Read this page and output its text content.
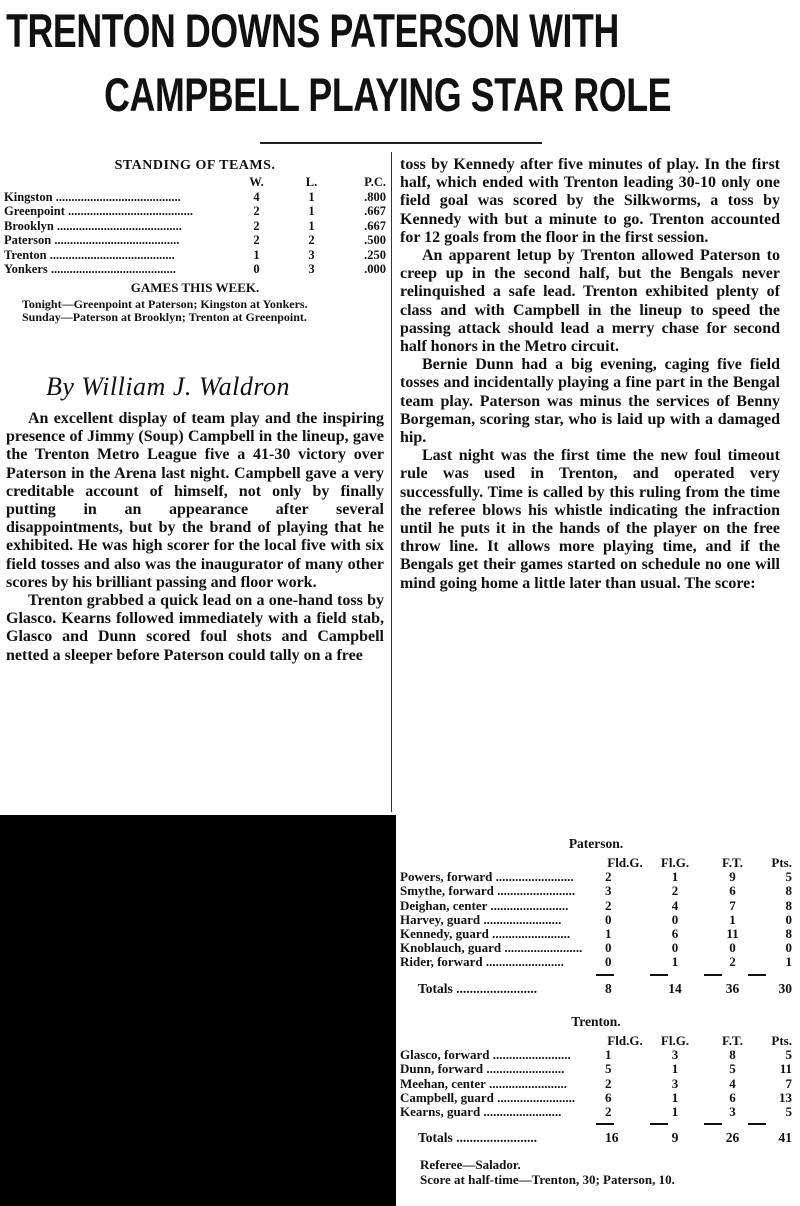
TRENTON DOWNS PATERSON WITH
CAMPBELL PLAYING STAR ROLE
STANDING OF TEAMS.
W.	L.	P.C.
Kingston .....	4	1	.800
Greenpoint .....	2	1	.667
Brooklyn .....	2	1	.667
Paterson .....	2	2	.500
Trenton .....	1	3	.250
Yonkers .....	0	3	.000
GAMES THIS WEEK.

Tonight—Greenpoint at Paterson; Kingston at Yonkers.

Sunday—Paterson at Brooklyn; Trenton at Greenpoint.

By William J. Waldron

An excellent display of team play and the inspiring presence of Jimmy (Soup) Campbell in the lineup, gave the Trenton Metro League five a 41-30 victory over Paterson in the Arena last night. Campbell gave a very creditable account of himself, not only by finally putting in an appearance after several disappointments, but by the brand of playing that he exhibited. He was high scorer for the local five with six field tosses and also was the inaugurator of many other scores by his brilliant passing and floor work.

Trenton grabbed a quick lead on a one-hand toss by Glasco. Kearns followed immediately with a field stab, Glasco and Dunn scored foul shots and Campbell netted a sleeper before Paterson could tally on a free

toss by Kennedy after five minutes of play. In the first half, which ended with Trenton leading 30-10 only one field goal was scored by the Silkworms, a toss by Kennedy with but a minute to go. Trenton accounted for 12 goals from the floor in the first session.

An apparent letup by Trenton allowed Paterson to creep up in the second half, but the Bengals never relinquished a safe lead. Trenton exhibited plenty of class and with Campbell in the lineup to speed the passing attack should lead a merry chase for second half honors in the Metro circuit.

Bernie Dunn had a big evening, caging five field tosses and incidentally playing a fine part in the Bengal team play. Paterson was minus the services of Benny Borgeman, scoring star, who is laid up with a damaged hip.

Last night was the first time the new foul timeout rule was used in Trenton, and operated very successfully. Time is called by this ruling from the time the referee blows his whistle indicating the infraction until he puts it in the hands of the player on the free throw line. It allows more playing time, and if the Bengals get their games started on schedule no one will mind going home a little later than usual. The score:

Paterson.
Fld.G.	Fl.G.	F.T.	Pts.
Powers, forward .....	2	1	9	5
Smythe, forward .....	3	2	6	8
Deighan, center .....	2	4	7	8
Harvey, guard .....	0	0	1	0
Kennedy, guard .....	1	6	11	8
Knoblauch, guard .....	0	0	0	0
Rider, forward .....	0	1	2	1
Totals .....	8	14	36	30
Trenton.
Fld.G.	Fl.G.	F.T.	Pts.
Glasco, forward .....	1	3	8	5
Dunn, forward .....	5	1	5	11
Meehan, center .....	2	3	4	7
Campbell, guard .....	6	1	6	13
Kearns, guard .....	2	1	3	5
Totals .....	16	9	26	41

Referee—Salador.

Score at half-time—Trenton, 30; Paterson, 10.
